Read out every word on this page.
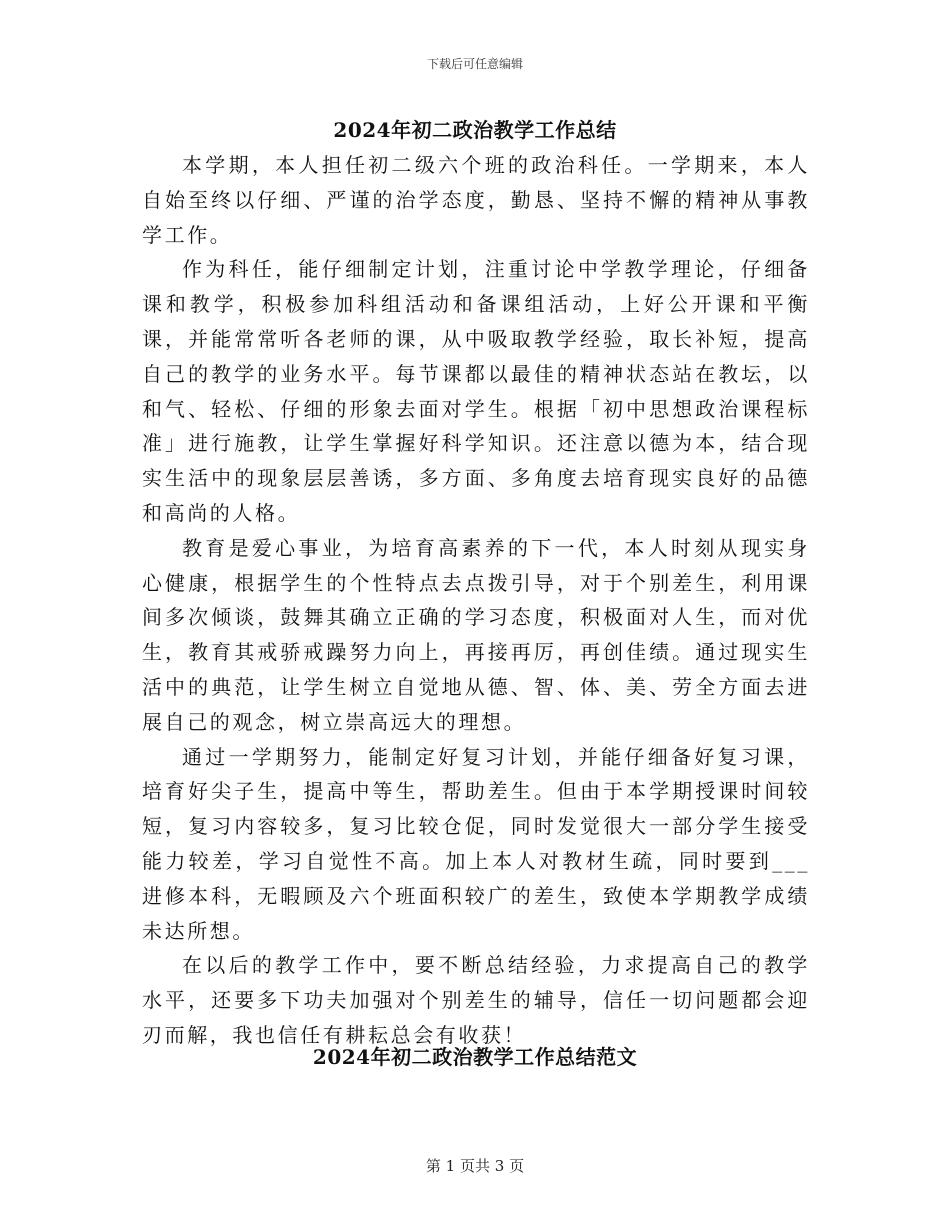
下载后可任意编辑
2024年初二政治教学工作总结

本学期，本人担任初二级六个班的政治科任。一学期来，本人自始至终以仔细、严谨的治学态度，勤恳、坚持不懈的精神从事教学工作。

作为科任，能仔细制定计划，注重讨论中学教学理论，仔细备课和教学，积极参加科组活动和备课组活动，上好公开课和平衡课，并能常常听各老师的课，从中吸取教学经验，取长补短，提高自己的教学的业务水平。每节课都以最佳的精神状态站在教坛，以和气、轻松、仔细的形象去面对学生。根据「初中思想政治课程标准」进行施教，让学生掌握好科学知识。还注意以德为本，结合现实生活中的现象层层善诱，多方面、多角度去培育现实良好的品德和高尚的人格。

教育是爱心事业，为培育高素养的下一代，本人时刻从现实身心健康，根据学生的个性特点去点拨引导，对于个别差生，利用课间多次倾谈，鼓舞其确立正确的学习态度，积极面对人生，而对优生，教育其戒骄戒躁努力向上，再接再厉，再创佳绩。通过现实生活中的典范，让学生树立自觉地从德、智、体、美、劳全方面去进展自己的观念，树立崇高远大的理想。

通过一学期努力，能制定好复习计划，并能仔细备好复习课，培育好尖子生，提高中等生，帮助差生。但由于本学期授课时间较短，复习内容较多，复习比较仓促，同时发觉很大一部分学生接受能力较差，学习自觉性不高。加上本人对教材生疏，同时要到___进修本科，无暇顾及六个班面积较广的差生，致使本学期教学成绩未达所想。

在以后的教学工作中，要不断总结经验，力求提高自己的教学水平，还要多下功夫加强对个别差生的辅导，信任一切问题都会迎刃而解，我也信任有耕耘总会有收获！

2024年初二政治教学工作总结范文
第 1 页共 3 页
